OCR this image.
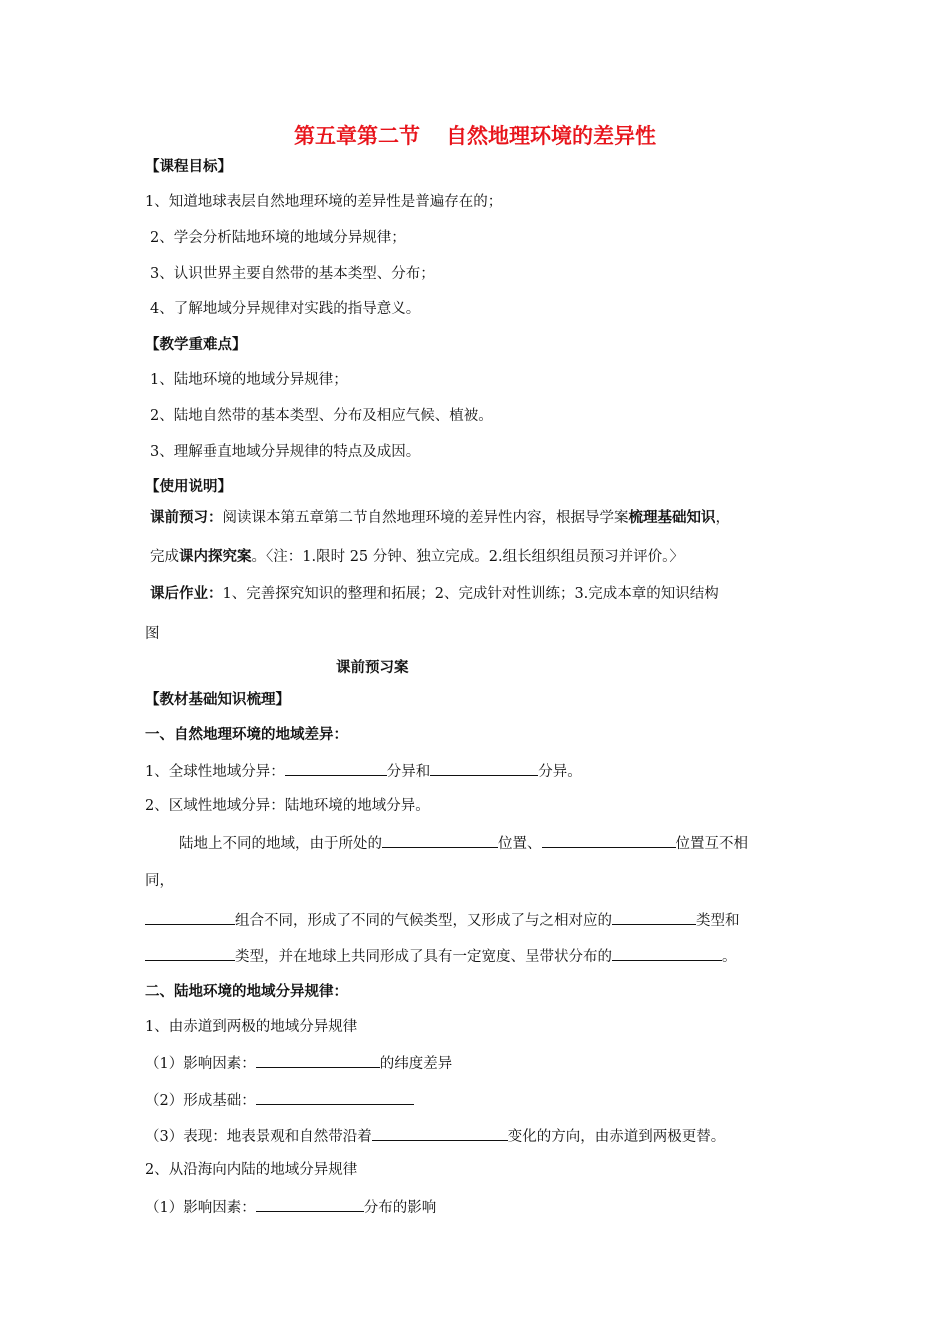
第五章第二节 自然地理环境的差异性
【课程目标】
1、知道地球表层自然地理环境的差异性是普遍存在的；
2、学会分析陆地环境的地域分异规律；
3、认识世界主要自然带的基本类型、分布；
4、了解地域分异规律对实践的指导意义。
【教学重难点】
1、陆地环境的地域分异规律；
2、陆地自然带的基本类型、分布及相应气候、植被。
3、理解垂直地域分异规律的特点及成因。
【使用说明】
课前预习：阅读课本第五章第二节自然地理环境的差异性内容，根据导学案梳理基础知识，
完成课内探究案。〈注：1.限时 25 分钟、独立完成。2.组长组织组员预习并评价。〉
课后作业：1、完善探究知识的整理和拓展；2、完成针对性训练；3.完成本章的知识结构
图
课前预习案
【教材基础知识梳理】
一、自然地理环境的地域差异：
1、全球性地域分异：	分异和	分异。
2、区域性地域分异：陆地环境的地域分异。
陆地上不同的地域，由于所处的	位置、	位置互不相
同，
组合不同，形成了不同的气候类型，又形成了与之相对应的	类型和
类型，并在地球上共同形成了具有一定宽度、呈带状分布的	。
二、陆地环境的地域分异规律：
1、由赤道到两极的地域分异规律
（1）影响因素：	的纬度差异
（2）形成基础：
（3）表现：地表景观和自然带沿着	变化的方向，由赤道到两极更替。
2、从沿海向内陆的地域分异规律
（1）影响因素：	分布的影响
